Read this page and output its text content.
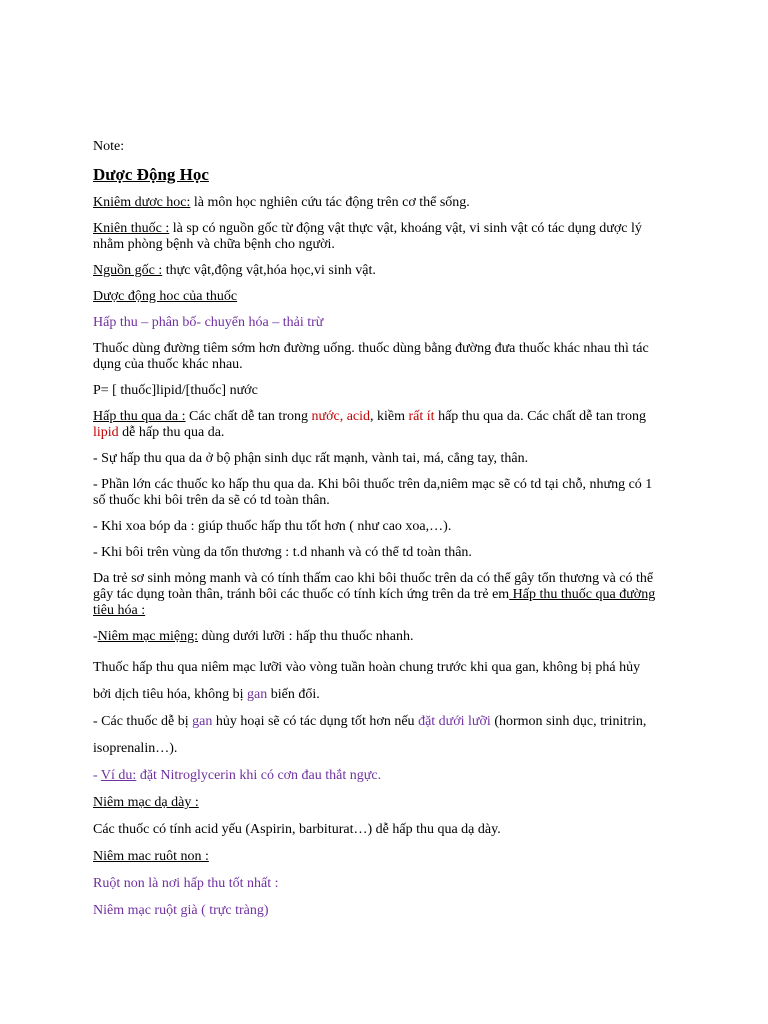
Note:

Dược Động Học

Kniêm dươc hoc: là môn học nghiên cứu tác động trên cơ thể sống.

Kniên thuốc : là sp có nguồn gốc từ động vật thực vật, khoáng vật, vi sinh vật có tác dụng dược lý nhằm phòng bệnh và chữa bệnh cho người.

Nguồn gốc : thực vật,động vật,hóa học,vi sinh vật.

Dược động hoc của thuốc

Hấp thu – phân bố- chuyển hóa – thải trừ

Thuốc dùng đường tiêm sớm hơn đường uống. thuốc dùng bằng đường đưa thuốc khác nhau thì tác dụng của thuốc khác nhau.

P= [ thuốc]lipid/[thuốc] nước

Hấp thu qua da : Các chất dễ tan trong nước, acid, kiềm rất ít hấp thu qua da. Các chất dễ tan trong lipid dễ hấp thu qua da.

- Sự hấp thu qua da ở bộ phận sinh dục rất mạnh, vành tai, má, cẳng tay, thân.

- Phần lớn các thuốc ko hấp thu qua da. Khi bôi thuốc trên da,niêm mạc sẽ có td tại chỗ, nhưng có 1 số thuốc khi bôi trên da sẽ có td toàn thân.

- Khi xoa bóp da : giúp thuốc hấp thu tốt hơn ( như cao xoa,…).

- Khi bôi trên vùng da tổn thương : t.d nhanh và có thể td toàn thân.

Da trẻ sơ sinh mỏng manh và có tính thấm cao khi bôi thuốc trên da có thể gây tổn thương và có thể gây tác dụng toàn thân, tránh bôi các thuốc có tính kích ứng trên da trẻ em Hấp thu thuốc qua đường tiêu hóa :

-Niêm mạc miệng: dùng dưới lưỡi : hấp thu thuốc nhanh.

Thuốc hấp thu qua niêm mạc lưỡi vào vòng tuần hoàn chung trước khi qua gan, không bị phá hủy

bởi dịch tiêu hóa, không bị gan biến đổi.

- Các thuốc dễ bị gan hủy hoại sẽ có tác dụng tốt hơn nếu đặt dưới lưỡi (hormon sinh dục, trinitrin,

isoprenalin…).

- Ví du: đặt Nitroglycerin khi có cơn đau thắt ngực.

Niêm mạc dạ dày :

Các thuốc có tính acid yếu (Aspirin, barbiturat…) dễ hấp thu qua dạ dày.

Niêm mac ruôt non :

Ruột non là nơi hấp thu tốt nhất :

Niêm mạc ruột già ( trực tràng)
